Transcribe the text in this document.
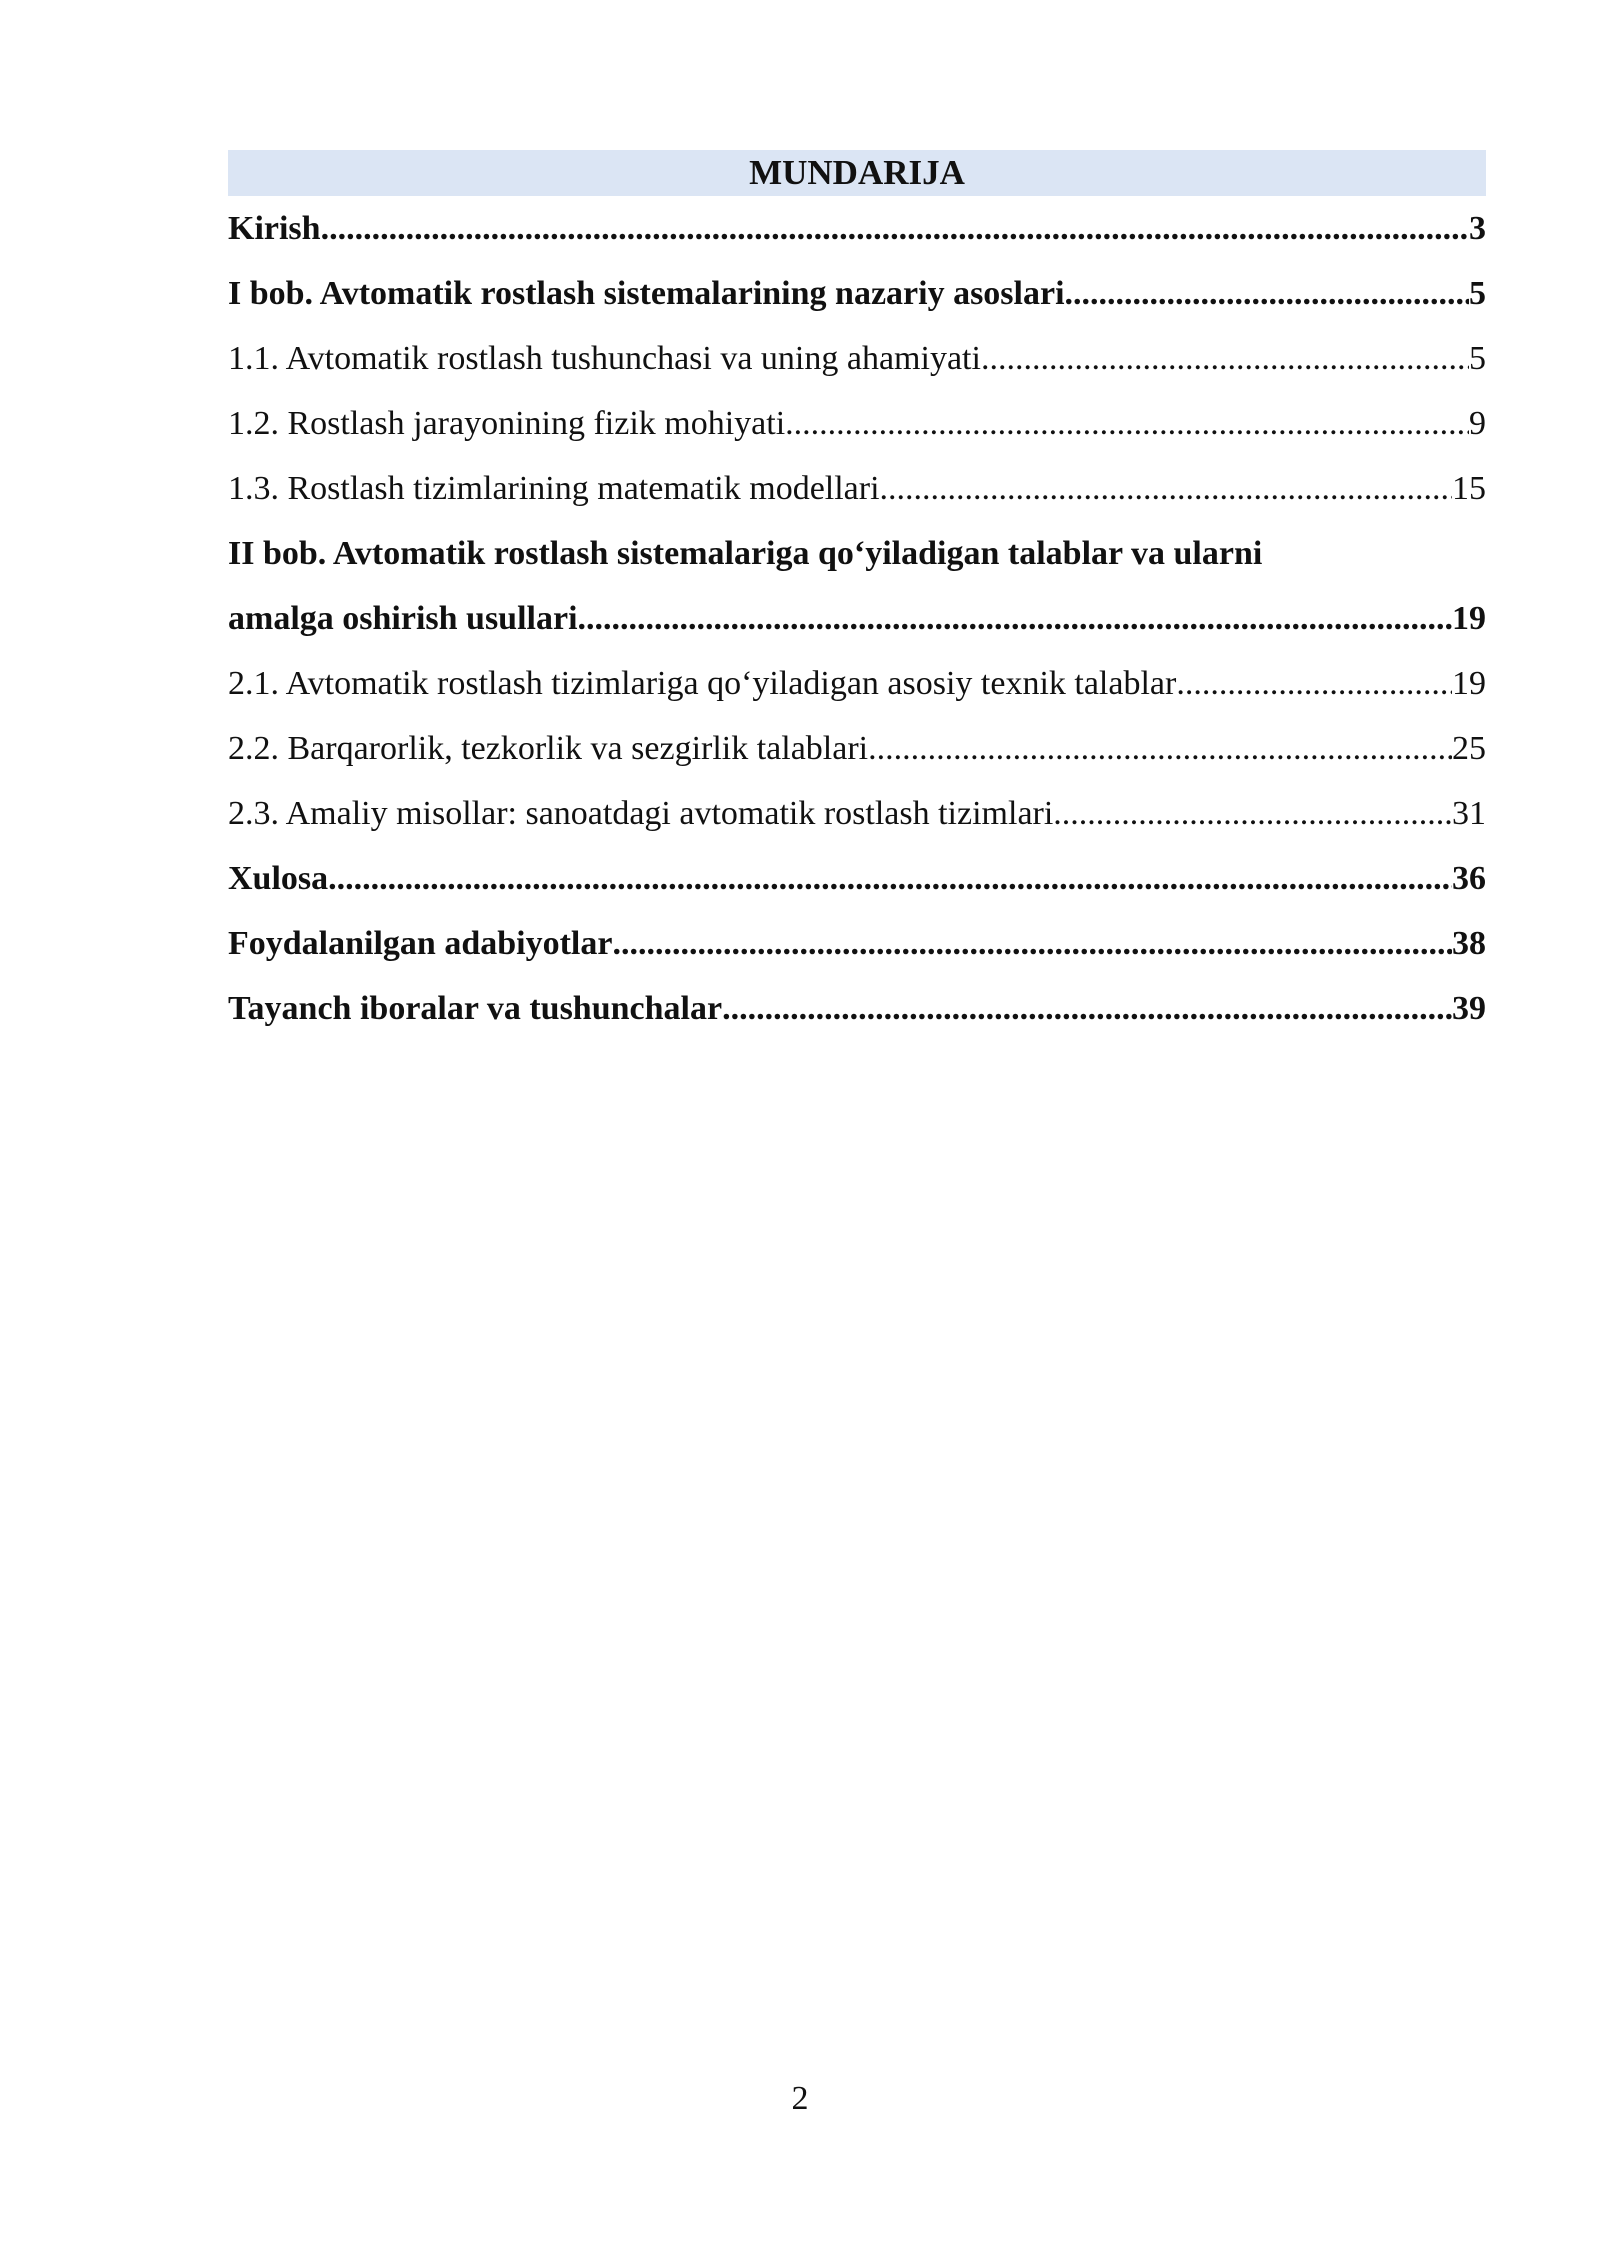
MUNDARIJA
Kirish .....	3
I bob. Avtomatik rostlash sistemalarining nazariy asoslari .....	5
1.1. Avtomatik rostlash tushunchasi va uning ahamiyati .....	5
1.2. Rostlash jarayonining fizik mohiyati .....	9
1.3. Rostlash tizimlarining matematik modellari .....	15
II bob. Avtomatik rostlash sistemalariga qo‘yiladigan talablar va ularni
amalga oshirish usullari .....	19
2.1. Avtomatik rostlash tizimlariga qo‘yiladigan asosiy texnik talablar .....	19
2.2. Barqarorlik, tezkorlik va sezgirlik talablari .....	25
2.3. Amaliy misollar: sanoatdagi avtomatik rostlash tizimlari .....	31
Xulosa .....	36
Foydalanilgan adabiyotlar .....	38
Tayanch iboralar va tushunchalar .....	39
2
